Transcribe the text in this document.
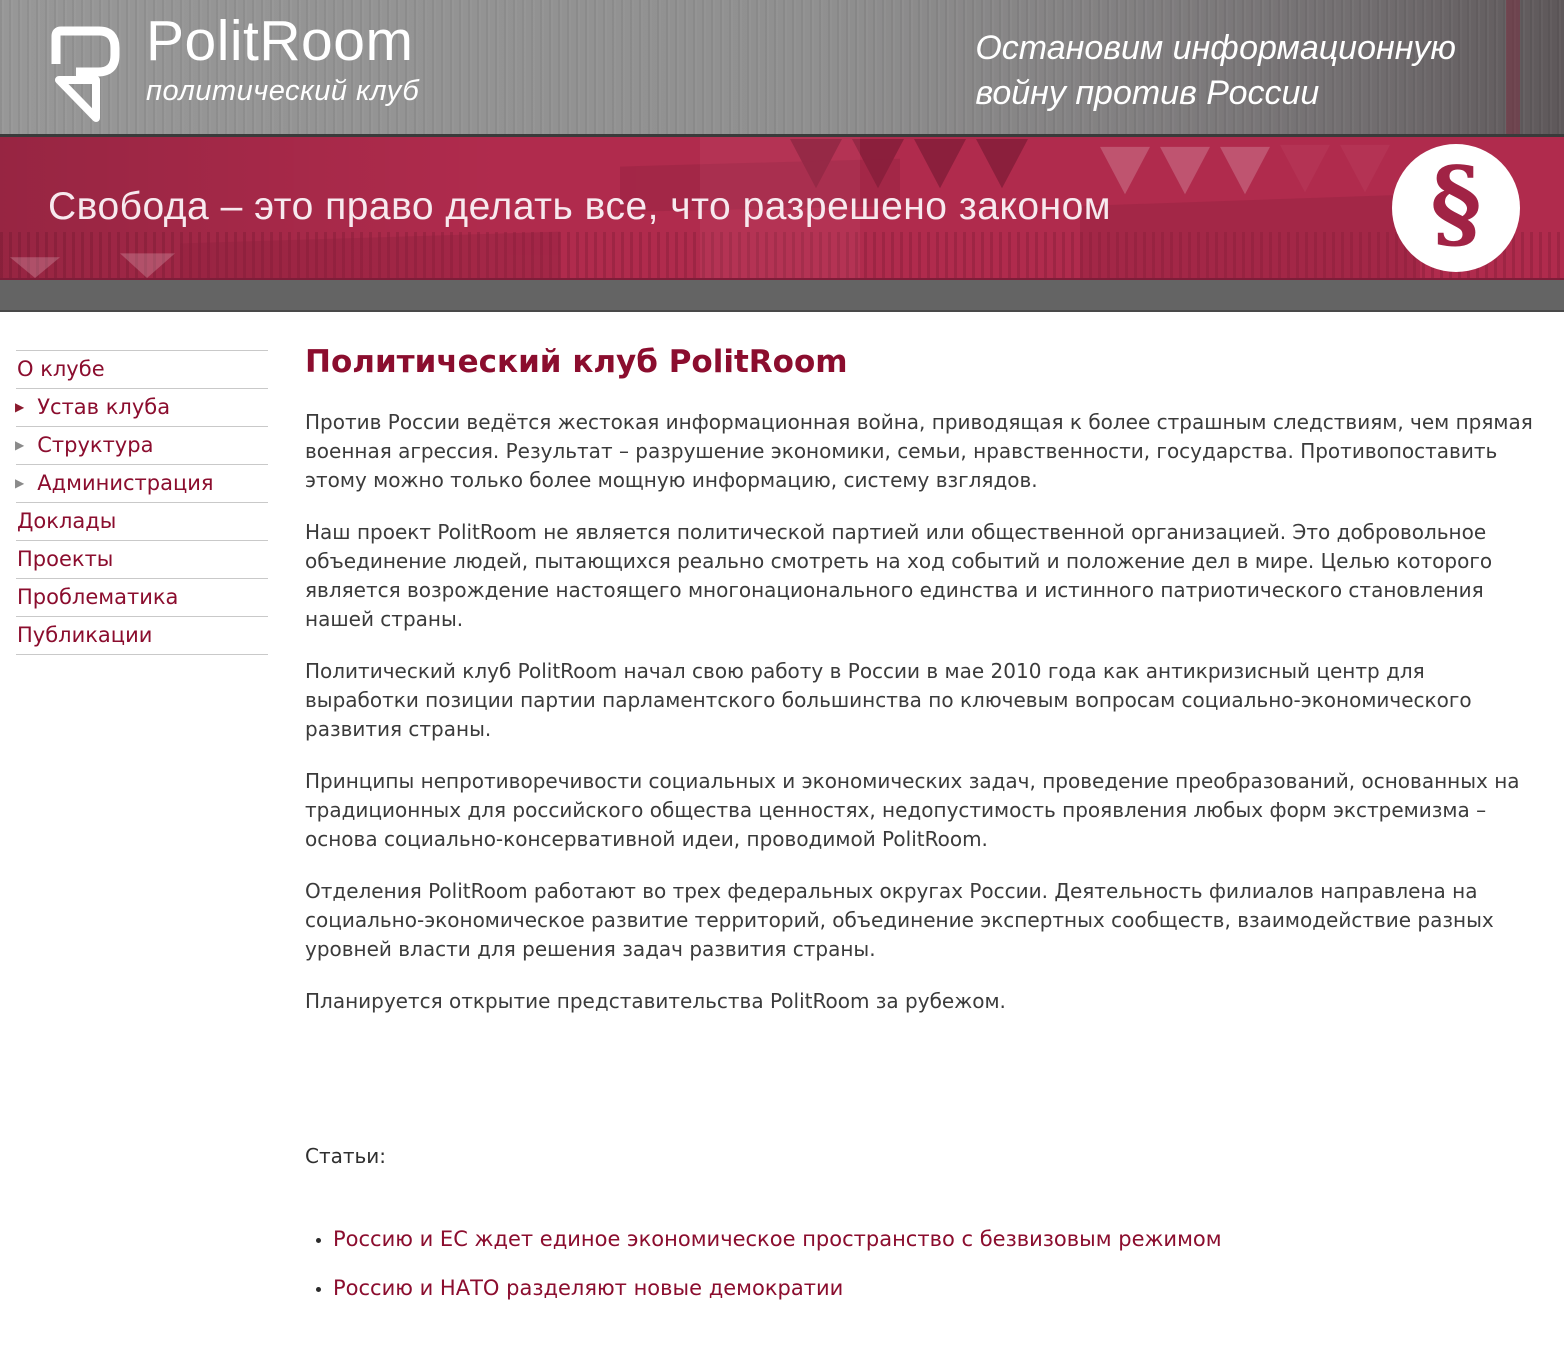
PolitRoom
политический клуб
Остановим информационную
войну против России
Свобода – это право делать все, что разрешено законом	§
О клубе
▶ Устав клуба
▶ Структура
▶ Администрация
Доклады
Проекты
Проблематика
Публикации
Политический клуб PolitRoom

Против России ведётся жестокая информационная война, приводящая к более страшным следствиям, чем прямая военная агрессия. Результат – разрушение экономики, семьи, нравственности, государства. Противопоставить этому можно только более мощную информацию, систему взглядов.

Наш проект PolitRoom не является политической партией или общественной организацией. Это добровольное объединение людей, пытающихся реально смотреть на ход событий и положение дел в мире. Целью которого является возрождение настоящего многонационального единства и истинного патриотического становления нашей страны.

Политический клуб PolitRoom начал свою работу в России в мае 2010 года как антикризисный центр для выработки позиции партии парламентского большинства по ключевым вопросам социально-экономического развития страны.

Принципы непротиворечивости социальных и экономических задач, проведение преобразований, основанных на традиционных для российского общества ценностях, недопустимость проявления любых форм экстремизма – основа социально-консервативной идеи, проводимой PolitRoom.

Отделения PolitRoom работают во трех федеральных округах России. Деятельность филиалов направлена на социально-экономическое развитие территорий, объединение экспертных сообществ, взаимодействие разных уровней власти для решения задач развития страны.

Планируется открытие представительства PolitRoom за рубежом.

Статьи:
• Россию и ЕС ждет единое экономическое пространство с безвизовым режимом
• Россию и НАТО разделяют новые демократии
